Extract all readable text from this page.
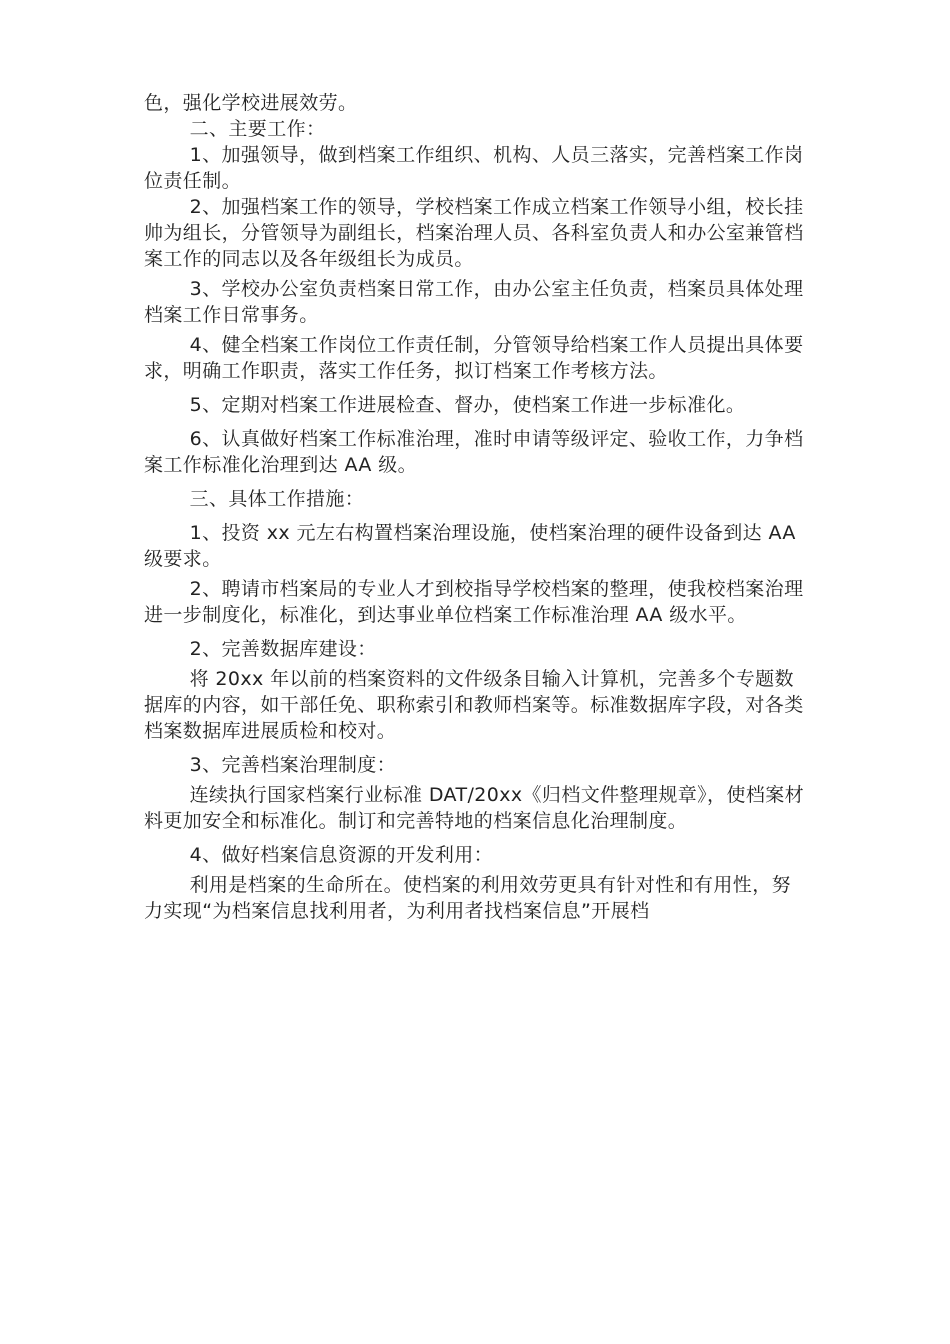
色，强化学校进展效劳。

二、主要工作：

1、加强领导，做到档案工作组织、机构、人员三落实，完善档案工作岗位责任制。

2、加强档案工作的领导，学校档案工作成立档案工作领导小组，校长挂帅为组长，分管领导为副组长，档案治理人员、各科室负责人和办公室兼管档案工作的同志以及各年级组长为成员。

3、学校办公室负责档案日常工作，由办公室主任负责，档案员具体处理档案工作日常事务。

4、健全档案工作岗位工作责任制，分管领导给档案工作人员提出具体要求，明确工作职责，落实工作任务，拟订档案工作考核方法。

5、定期对档案工作进展检查、督办，使档案工作进一步标准化。

6、认真做好档案工作标准治理，准时申请等级评定、验收工作，力争档案工作标准化治理到达 AA 级。

三、具体工作措施：

1、投资 xx 元左右构置档案治理设施，使档案治理的硬件设备到达 AA 级要求。

2、聘请市档案局的专业人才到校指导学校档案的整理，使我校档案治理进一步制度化，标准化，到达事业单位档案工作标准治理 AA 级水平。

2、完善数据库建设：

将 20xx 年以前的档案资料的文件级条目输入计算机，完善多个专题数据库的内容，如干部任免、职称索引和教师档案等。标准数据库字段，对各类档案数据库进展质检和校对。

3、完善档案治理制度：

连续执行国家档案行业标准 DAT/20xx《归档文件整理规章》，使档案材料更加安全和标准化。制订和完善特地的档案信息化治理制度。

4、做好档案信息资源的开发利用：

利用是档案的生命所在。使档案的利用效劳更具有针对性和有用性，努力实现“为档案信息找利用者，为利用者找档案信息”开展档
